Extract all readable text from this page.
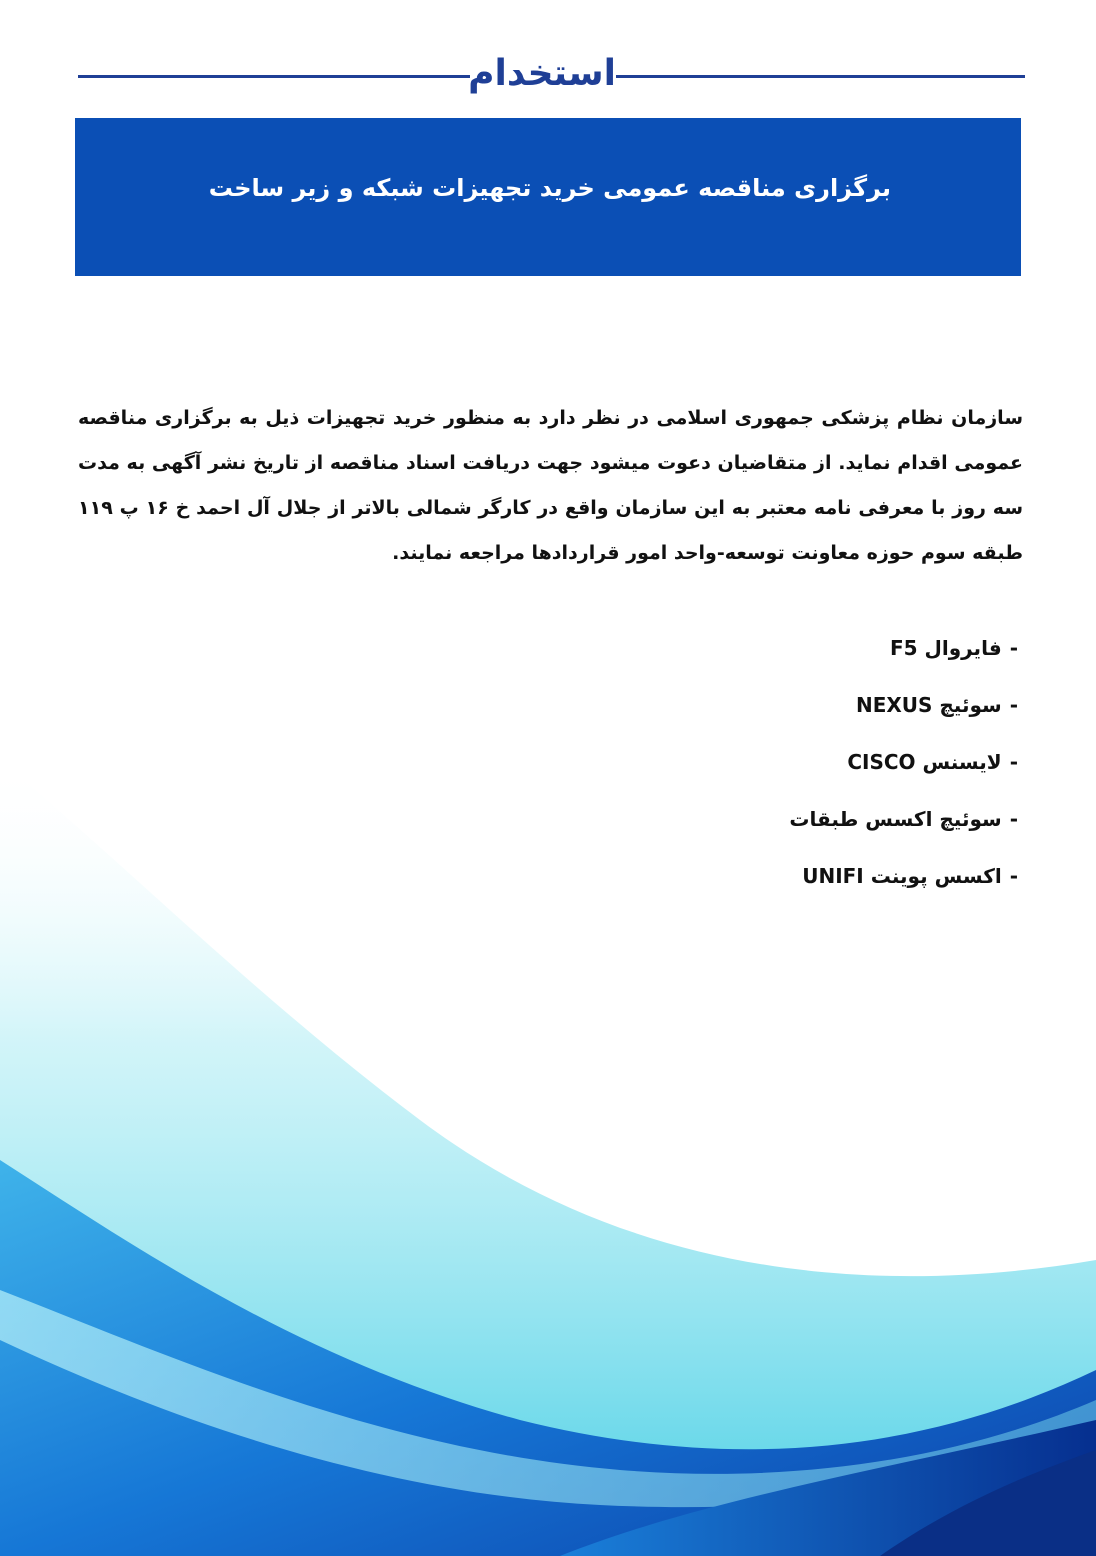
استخدام
برگزاری مناقصه عمومی خرید تجهیزات شبکه و زیر ساخت

سازمان نظام پزشکی جمهوری اسلامی در نظر دارد به منظور خرید تجهیزات ذیل به برگزاری مناقصه عمومی اقدام نماید. از متقاضیان دعوت میشود جهت دریافت اسناد مناقصه از تاریخ نشر آگهی به مدت سه روز با معرفی نامه معتبر به این سازمان واقع در کارگر شمالی بالاتر از جلال آل احمد خ ۱۶ پ ۱۱۹ طبقه سوم حوزه معاونت توسعه-واحد امور قراردادها مراجعه نمایند.

-فایروال F5
-سوئیچ NEXUS
-لایسنس CISCO
-سوئیچ اکسس طبقات
-اکسس پوینت UNIFI
